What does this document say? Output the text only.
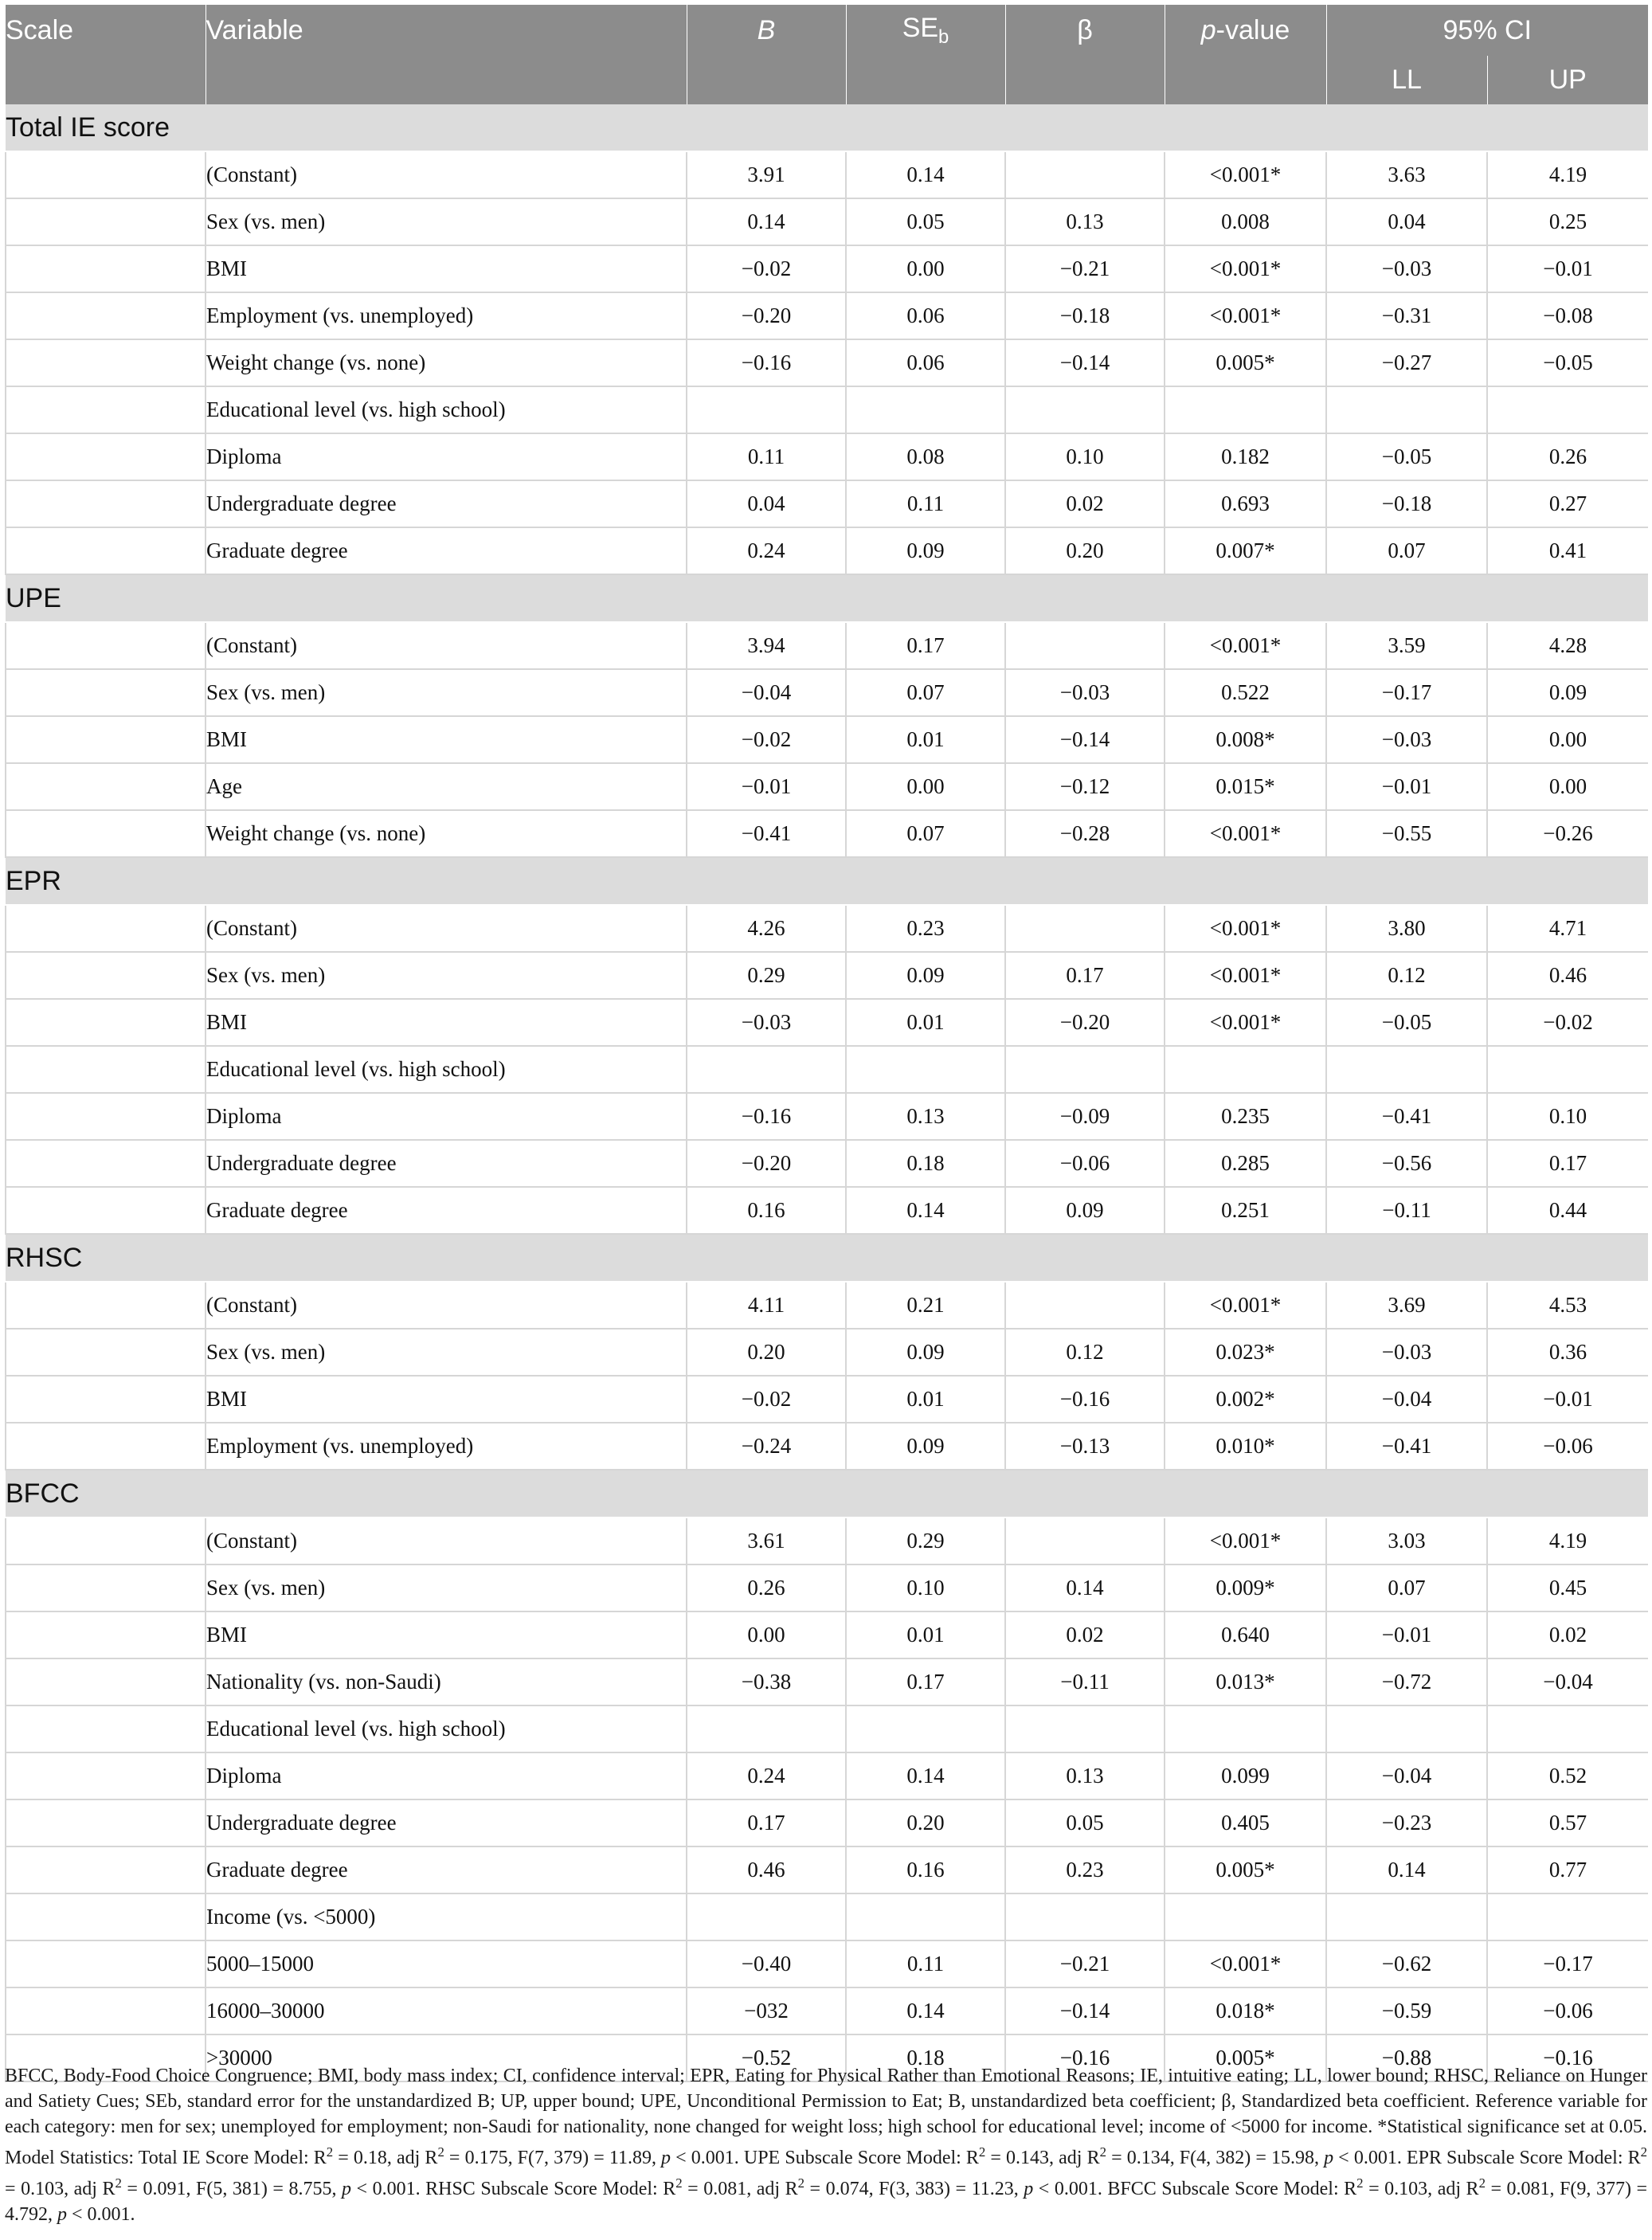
Scale	Variable	B	$SE_b$	β	p-value	95% CI	
						LL	UP
Total IE score							
	(Constant)	3.91	0.14		<0.001*	3.63	4.19
	Sex (vs. men)	0.14	0.05	0.13	0.008	0.04	0.25
	BMI	−0.02	0.00	−0.21	<0.001*	−0.03	−0.01
	Employment (vs. unemployed)	−0.20	0.06	−0.18	<0.001*	−0.31	−0.08
	Weight change (vs. none)	−0.16	0.06	−0.14	0.005*	−0.27	−0.05
	Educational level (vs. high school)						
	Diploma	0.11	0.08	0.10	0.182	−0.05	0.26
	Undergraduate degree	0.04	0.11	0.02	0.693	−0.18	0.27
	Graduate degree	0.24	0.09	0.20	0.007*	0.07	0.41
UPE							
	(Constant)	3.94	0.17		<0.001*	3.59	4.28
	Sex (vs. men)	−0.04	0.07	−0.03	0.522	−0.17	0.09
	BMI	−0.02	0.01	−0.14	0.008*	−0.03	0.00
	Age	−0.01	0.00	−0.12	0.015*	−0.01	0.00
	Weight change (vs. none)	−0.41	0.07	−0.28	<0.001*	−0.55	−0.26
EPR							
	(Constant)	4.26	0.23		<0.001*	3.80	4.71
	Sex (vs. men)	0.29	0.09	0.17	<0.001*	0.12	0.46
	BMI	−0.03	0.01	−0.20	<0.001*	−0.05	−0.02
	Educational level (vs. high school)						
	Diploma	−0.16	0.13	−0.09	0.235	−0.41	0.10
	Undergraduate degree	−0.20	0.18	−0.06	0.285	−0.56	0.17
	Graduate degree	0.16	0.14	0.09	0.251	−0.11	0.44
RHSC							
	(Constant)	4.11	0.21		<0.001*	3.69	4.53
	Sex (vs. men)	0.20	0.09	0.12	0.023*	−0.03	0.36
	BMI	−0.02	0.01	−0.16	0.002*	−0.04	−0.01
	Employment (vs. unemployed)	−0.24	0.09	−0.13	0.010*	−0.41	−0.06
BFCC							
	(Constant)	3.61	0.29		<0.001*	3.03	4.19
	Sex (vs. men)	0.26	0.10	0.14	0.009*	0.07	0.45
	BMI	0.00	0.01	0.02	0.640	−0.01	0.02
	Nationality (vs. non-Saudi)	−0.38	0.17	−0.11	0.013*	−0.72	−0.04
	Educational level (vs. high school)						
	Diploma	0.24	0.14	0.13	0.099	−0.04	0.52
	Undergraduate degree	0.17	0.20	0.05	0.405	−0.23	0.57
	Graduate degree	0.46	0.16	0.23	0.005*	0.14	0.77
	Income (vs. <5000)						
	5000–15000	−0.40	0.11	−0.21	<0.001*	−0.62	−0.17
	16000–30000	−032	0.14	−0.14	0.018*	−0.59	−0.06
	>30000	−0.52	0.18	−0.16	0.005*	−0.88	−0.16

BFCC, Body-Food Choice Congruence; BMI, body mass index; CI, confidence interval; EPR, Eating for Physical Rather than Emotional Reasons; IE, intuitive eating; LL, lower bound; RHSC, Reliance on Hunger and Satiety Cues; SEb, standard error for the unstandardized B; UP, upper bound; UPE, Unconditional Permission to Eat; B, unstandardized beta coefficient; β, Standardized beta coefficient. Reference variable for each category: men for sex; unemployed for employment; non-Saudi for nationality, none changed for weight loss; high school for educational level; income of <5000 for income. *Statistical significance set at 0.05. Model Statistics: Total IE Score Model: $R^2 = 0.18$, adj $R^2 = 0.175$, F(7, 379) = 11.89, p < 0.001. UPE Subscale Score Model: $R^2 = 0.143$, adj $R^2 = 0.134$, F(4, 382) = 15.98, p < 0.001. EPR Subscale Score Model: $R^2 = 0.103$, adj $R^2 = 0.091$, F(5, 381) = 8.755, p < 0.001. RHSC Subscale Score Model: $R^2 = 0.081$, adj $R^2 = 0.074$, F(3, 383) = 11.23, p < 0.001. BFCC Subscale Score Model: $R^2 = 0.103$, adj $R^2 = 0.081$, F(9, 377) = 4.792, p < 0.001.
